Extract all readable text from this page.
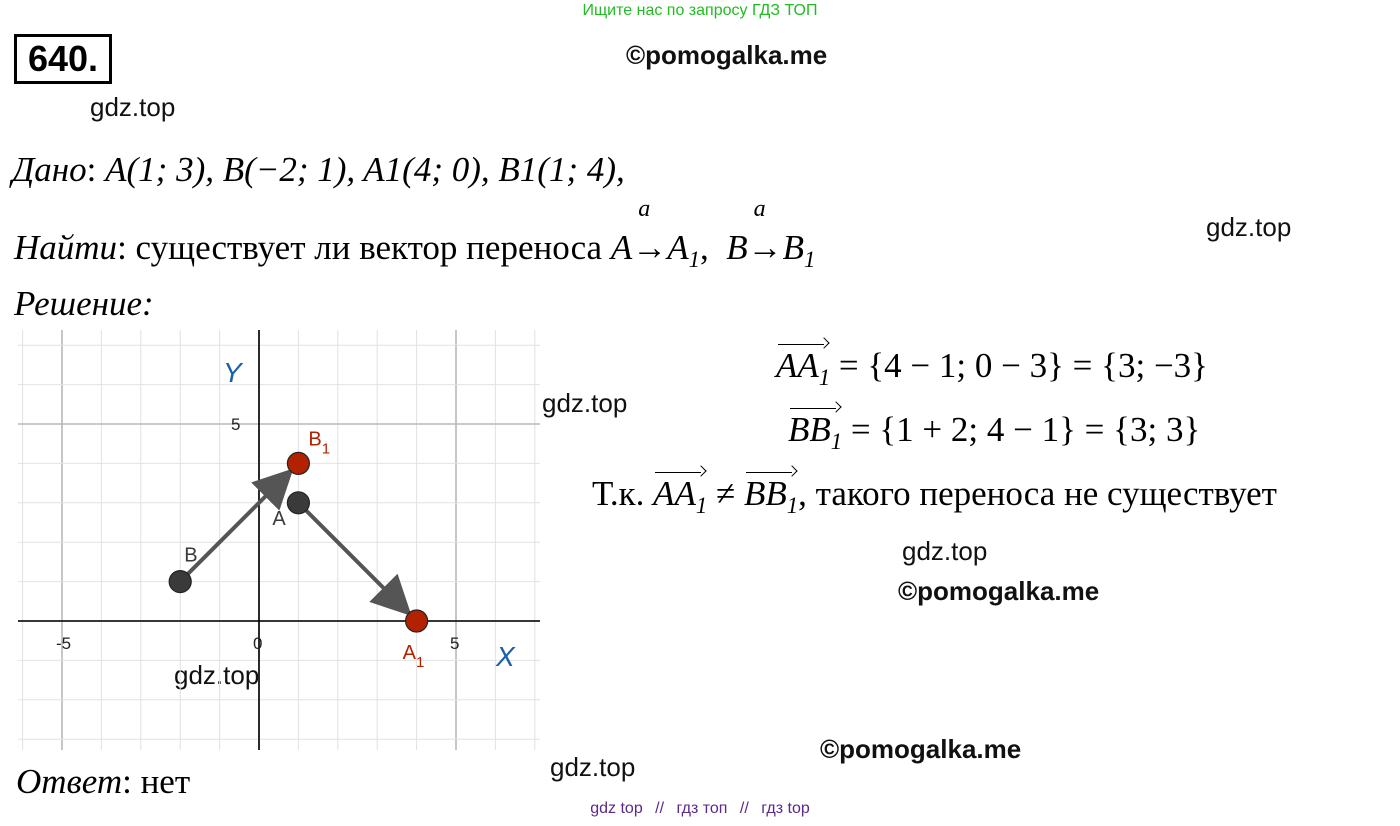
Ищите нас по запросу ГДЗ ТОП
640.	©pomogalka.me
gdz.top
gdz.top
gdz.top
gdz.top
©pomogalka.me
gdz.top
©pomogalka.me
gdz.top
Дано: A(1; 3), B(−2; 1), A1(4; 0), B1(1; 4),
Найти: существует ли вектор переноса A
a⃗
$\to A_1$,  B
a⃗
$\to B_1$
Решение:
$AA_1 = \{4 - 1$; 0 − 3} = {3; −3}
$BB_1 = \{1 + 2$; 4 − 1} = {3; 3}
Т.к. $AA_1 \ne BB_1$, такого переноса не существует
Ответ: нет
-5	0	5
5
X
Y
A
B
$A_1$
$B_1$
gdz top // гдз топ // гдз top
